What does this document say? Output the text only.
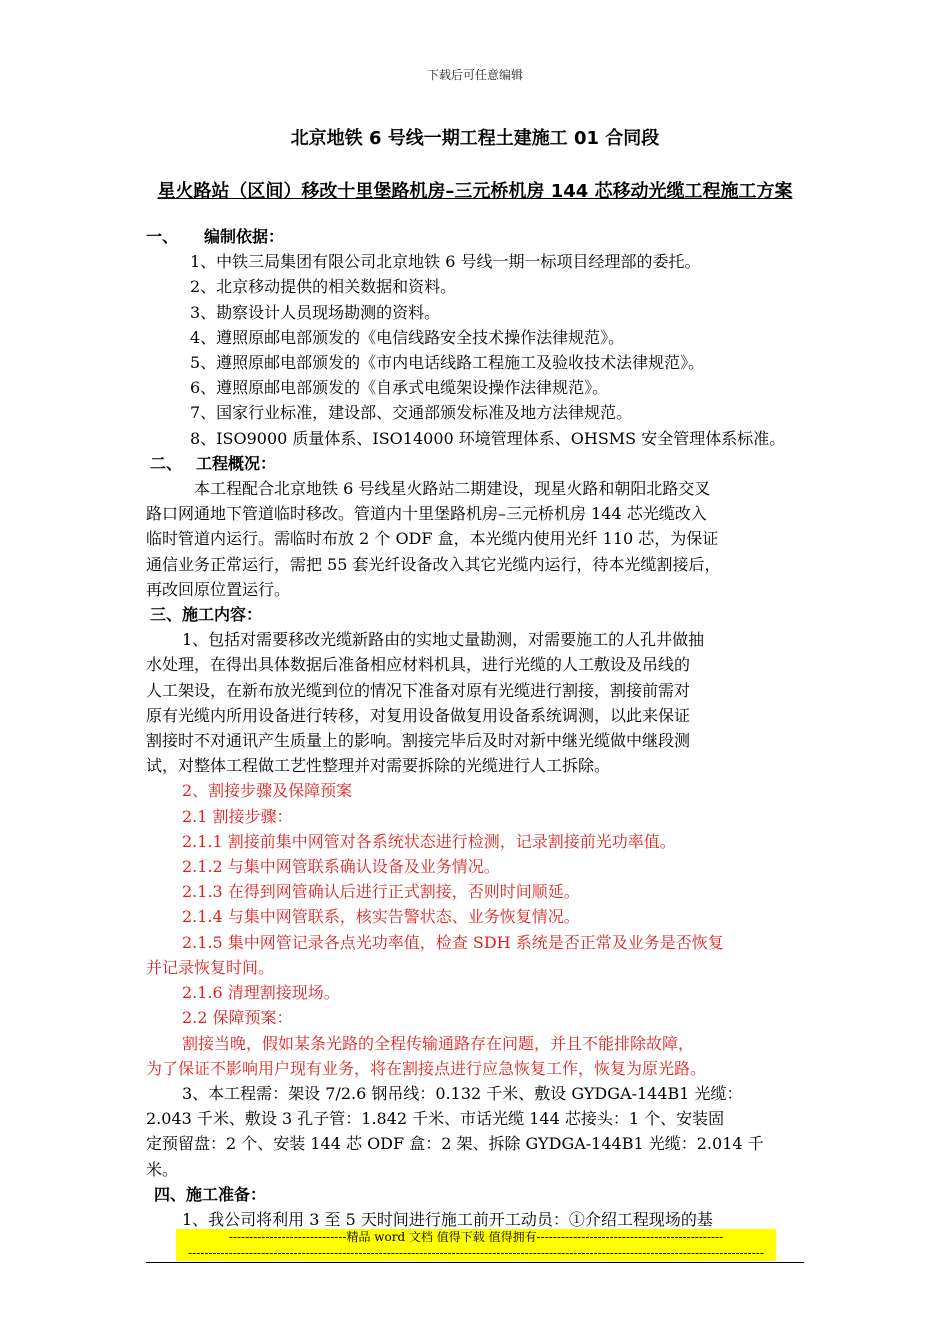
下载后可任意编辑
北京地铁 6 号线一期工程土建施工 01 合同段
星火路站（区间）移改十里堡路机房–三元桥机房 144 芯移动光缆工程施工方案
一、 编制依据：
1、中铁三局集团有限公司北京地铁 6 号线一期一标项目经理部的委托。
2、北京移动提供的相关数据和资料。
3、勘察设计人员现场勘测的资料。
4、遵照原邮电部颁发的《电信线路安全技术操作法律规范》。
5、遵照原邮电部颁发的《市内电话线路工程施工及验收技术法律规范》。
6、遵照原邮电部颁发的《自承式电缆架设操作法律规范》。
7、国家行业标准，建设部、交通部颁发标准及地方法律规范。
8、ISO9000 质量体系、ISO14000 环境管理体系、OHSMS 安全管理体系标准。
二、 工程概况：
本工程配合北京地铁 6 号线星火路站二期建设，现星火路和朝阳北路交叉
路口网通地下管道临时移改。管道内十里堡路机房–三元桥机房 144 芯光缆改入
临时管道内运行。需临时布放 2 个 ODF 盒，本光缆内使用光纤 110 芯，为保证
通信业务正常运行，需把 55 套光纤设备改入其它光缆内运行，待本光缆割接后，
再改回原位置运行。
三、施工内容：
1、包括对需要移改光缆新路由的实地丈量勘测，对需要施工的人孔井做抽
水处理，在得出具体数据后准备相应材料机具，进行光缆的人工敷设及吊线的
人工架设，在新布放光缆到位的情况下准备对原有光缆进行割接，割接前需对
原有光缆内所用设备进行转移，对复用设备做复用设备系统调测，以此来保证
割接时不对通讯产生质量上的影响。割接完毕后及时对新中继光缆做中继段测
试，对整体工程做工艺性整理并对需要拆除的光缆进行人工拆除。
2、割接步骤及保障预案
2.1 割接步骤：
2.1.1 割接前集中网管对各系统状态进行检测，记录割接前光功率值。
2.1.2 与集中网管联系确认设备及业务情况。
2.1.3 在得到网管确认后进行正式割接，否则时间顺延。
2.1.4 与集中网管联系，核实告警状态、业务恢复情况。
2.1.5 集中网管记录各点光功率值，检查 SDH 系统是否正常及业务是否恢复
并记录恢复时间。
2.1.6 清理割接现场。
2.2 保障预案：
割接当晚，假如某条光路的全程传输通路存在问题，并且不能排除故障，
为了保证不影响用户现有业务，将在割接点进行应急恢复工作，恢复为原光路。
3、本工程需：架设 7/2.6 钢吊线：0.132 千米、敷设 GYDGA-144B1 光缆：
2.043 千米、敷设 3 孔子管：1.842 千米、市话光缆 144 芯接头：1 个、安装固
定预留盘：2 个、安装 144 芯 ODF 盒：2 架、拆除 GYDGA-144B1 光缆：2.014 千
米。
四、施工准备：
1、我公司将利用 3 至 5 天时间进行施工前开工动员：①介绍工程现场的基
-----------------------------精品 word 文档 值得下载 值得拥有----------------------------------------------
----------------------------------------------------------------------------------------------------------------------------------------------
